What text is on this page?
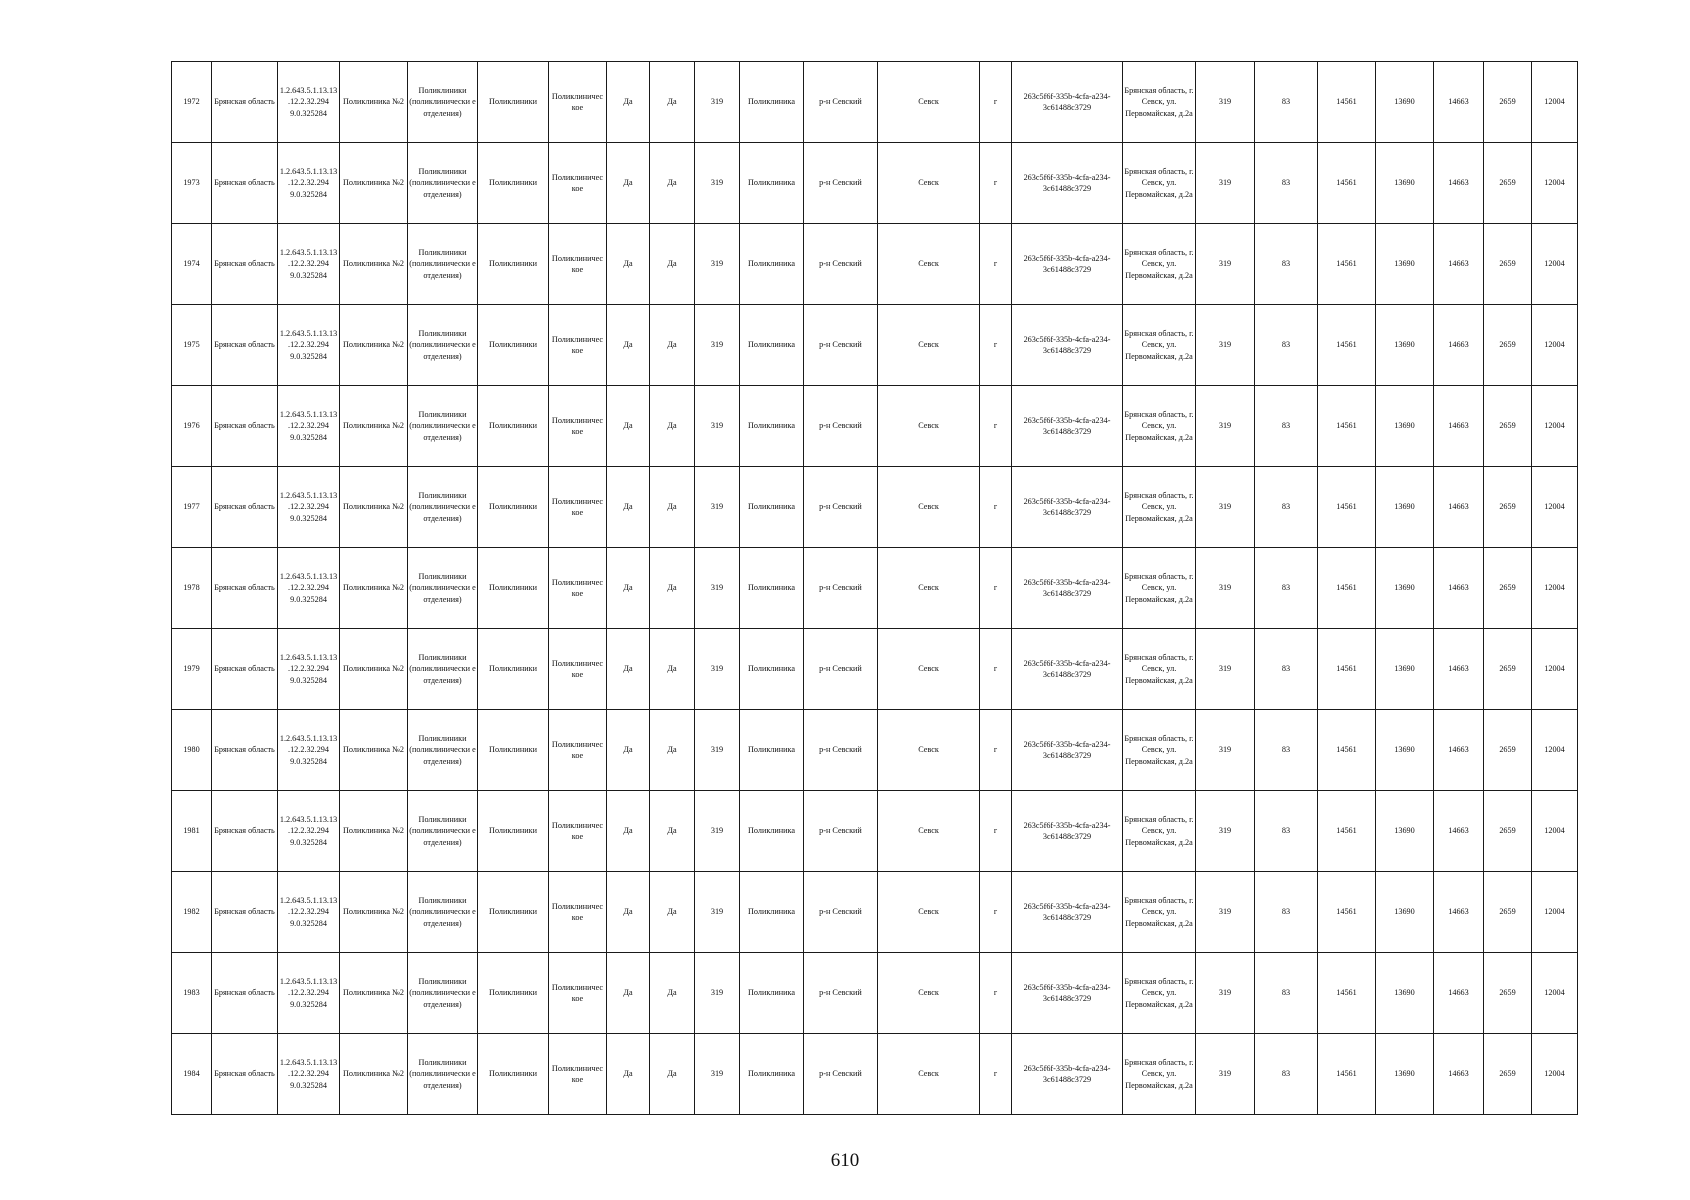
1972	Брянская область	1.2.643.5.1.13.13.12.2.32.294 9.0.325284	Поликлиника №2	Поликлиники (поликлинически е отделения)	Поликлиники	Поликлиничес кое	Да	Да	319	Поликлиника	р-н Севский	Севск	г	263c5f6f-335b-4cfa-a234-3c61488c3729	Брянская область, г. Севск, ул. Первомайская, д.2а	319	83	14561	13690	14663	2659	12004
1973	Брянская область	1.2.643.5.1.13.13.12.2.32.294 9.0.325284	Поликлиника №2	Поликлиники (поликлинически е отделения)	Поликлиники	Поликлиничес кое	Да	Да	319	Поликлиника	р-н Севский	Севск	г	263c5f6f-335b-4cfa-a234-3c61488c3729	Брянская область, г. Севск, ул. Первомайская, д.2а	319	83	14561	13690	14663	2659	12004
1974	Брянская область	1.2.643.5.1.13.13.12.2.32.294 9.0.325284	Поликлиника №2	Поликлиники (поликлинически е отделения)	Поликлиники	Поликлиничес кое	Да	Да	319	Поликлиника	р-н Севский	Севск	г	263c5f6f-335b-4cfa-a234-3c61488c3729	Брянская область, г. Севск, ул. Первомайская, д.2а	319	83	14561	13690	14663	2659	12004
1975	Брянская область	1.2.643.5.1.13.13.12.2.32.294 9.0.325284	Поликлиника №2	Поликлиники (поликлинически е отделения)	Поликлиники	Поликлиничес кое	Да	Да	319	Поликлиника	р-н Севский	Севск	г	263c5f6f-335b-4cfa-a234-3c61488c3729	Брянская область, г. Севск, ул. Первомайская, д.2а	319	83	14561	13690	14663	2659	12004
1976	Брянская область	1.2.643.5.1.13.13.12.2.32.294 9.0.325284	Поликлиника №2	Поликлиники (поликлинически е отделения)	Поликлиники	Поликлиничес кое	Да	Да	319	Поликлиника	р-н Севский	Севск	г	263c5f6f-335b-4cfa-a234-3c61488c3729	Брянская область, г. Севск, ул. Первомайская, д.2а	319	83	14561	13690	14663	2659	12004
1977	Брянская область	1.2.643.5.1.13.13.12.2.32.294 9.0.325284	Поликлиника №2	Поликлиники (поликлинически е отделения)	Поликлиники	Поликлиничес кое	Да	Да	319	Поликлиника	р-н Севский	Севск	г	263c5f6f-335b-4cfa-a234-3c61488c3729	Брянская область, г. Севск, ул. Первомайская, д.2а	319	83	14561	13690	14663	2659	12004
1978	Брянская область	1.2.643.5.1.13.13.12.2.32.294 9.0.325284	Поликлиника №2	Поликлиники (поликлинически е отделения)	Поликлиники	Поликлиничес кое	Да	Да	319	Поликлиника	р-н Севский	Севск	г	263c5f6f-335b-4cfa-a234-3c61488c3729	Брянская область, г. Севск, ул. Первомайская, д.2а	319	83	14561	13690	14663	2659	12004
1979	Брянская область	1.2.643.5.1.13.13.12.2.32.294 9.0.325284	Поликлиника №2	Поликлиники (поликлинически е отделения)	Поликлиники	Поликлиничес кое	Да	Да	319	Поликлиника	р-н Севский	Севск	г	263c5f6f-335b-4cfa-a234-3c61488c3729	Брянская область, г. Севск, ул. Первомайская, д.2а	319	83	14561	13690	14663	2659	12004
1980	Брянская область	1.2.643.5.1.13.13.12.2.32.294 9.0.325284	Поликлиника №2	Поликлиники (поликлинически е отделения)	Поликлиники	Поликлиничес кое	Да	Да	319	Поликлиника	р-н Севский	Севск	г	263c5f6f-335b-4cfa-a234-3c61488c3729	Брянская область, г. Севск, ул. Первомайская, д.2а	319	83	14561	13690	14663	2659	12004
1981	Брянская область	1.2.643.5.1.13.13.12.2.32.294 9.0.325284	Поликлиника №2	Поликлиники (поликлинически е отделения)	Поликлиники	Поликлиничес кое	Да	Да	319	Поликлиника	р-н Севский	Севск	г	263c5f6f-335b-4cfa-a234-3c61488c3729	Брянская область, г. Севск, ул. Первомайская, д.2а	319	83	14561	13690	14663	2659	12004
1982	Брянская область	1.2.643.5.1.13.13.12.2.32.294 9.0.325284	Поликлиника №2	Поликлиники (поликлинически е отделения)	Поликлиники	Поликлиничес кое	Да	Да	319	Поликлиника	р-н Севский	Севск	г	263c5f6f-335b-4cfa-a234-3c61488c3729	Брянская область, г. Севск, ул. Первомайская, д.2а	319	83	14561	13690	14663	2659	12004
1983	Брянская область	1.2.643.5.1.13.13.12.2.32.294 9.0.325284	Поликлиника №2	Поликлиники (поликлинически е отделения)	Поликлиники	Поликлиничес кое	Да	Да	319	Поликлиника	р-н Севский	Севск	г	263c5f6f-335b-4cfa-a234-3c61488c3729	Брянская область, г. Севск, ул. Первомайская, д.2а	319	83	14561	13690	14663	2659	12004
1984	Брянская область	1.2.643.5.1.13.13.12.2.32.294 9.0.325284	Поликлиника №2	Поликлиники (поликлинически е отделения)	Поликлиники	Поликлиничес кое	Да	Да	319	Поликлиника	р-н Севский	Севск	г	263c5f6f-335b-4cfa-a234-3c61488c3729	Брянская область, г. Севск, ул. Первомайская, д.2а	319	83	14561	13690	14663	2659	12004
610
